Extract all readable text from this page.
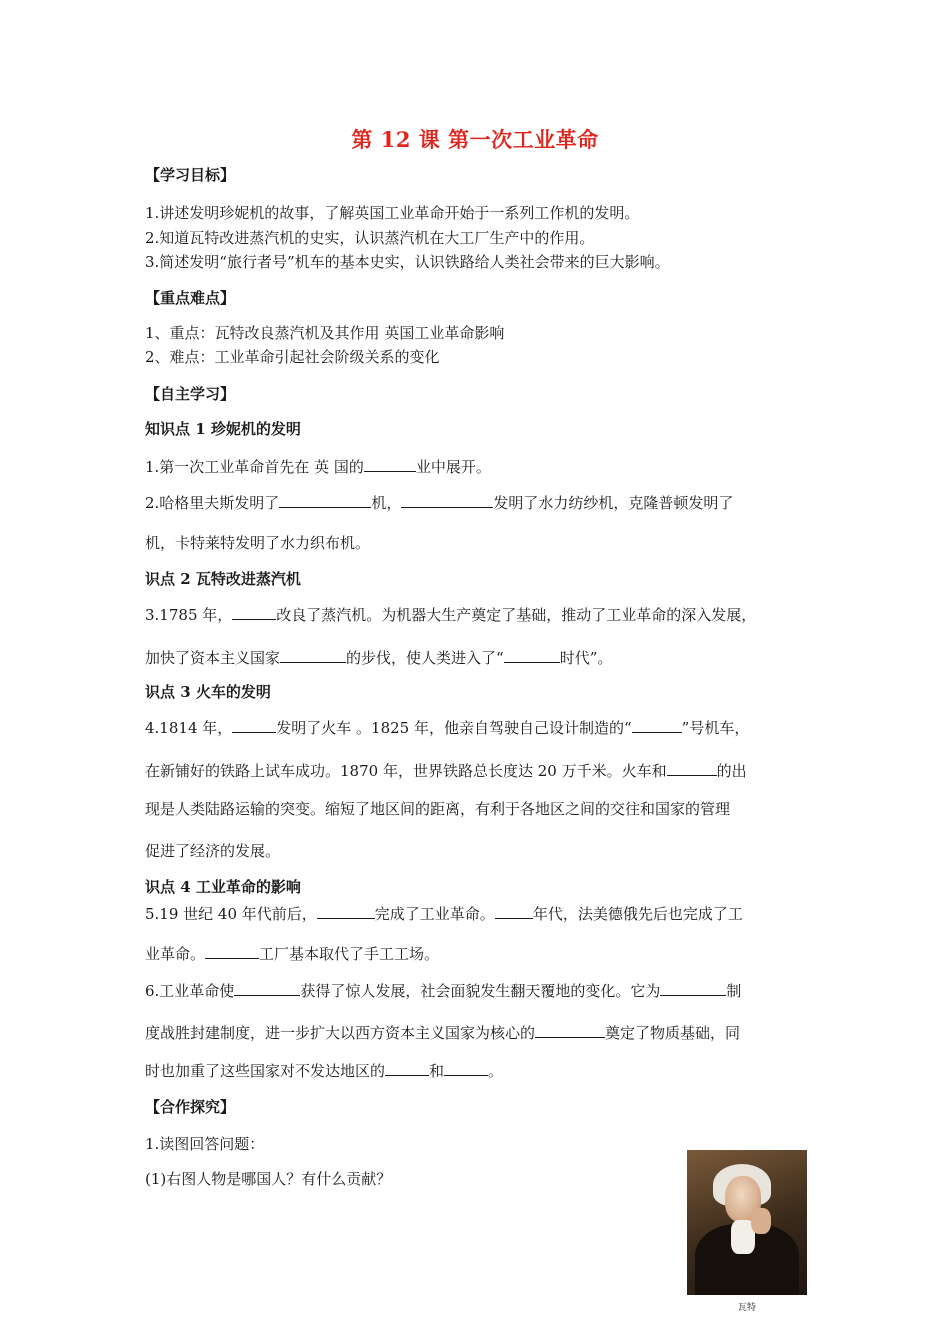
第 12 课 第一次工业革命
【学习目标】
1.讲述发明珍妮机的故事，了解英国工业革命开始于一系列工作机的发明。
2.知道瓦特改进蒸汽机的史实，认识蒸汽机在大工厂生产中的作用。
3.简述发明“旅行者号”机车的基本史实，认识铁路给人类社会带来的巨大影响。
【重点难点】
1、重点：瓦特改良蒸汽机及其作用 英国工业革命影响
2、难点：工业革命引起社会阶级关系的变化
【自主学习】
知识点 1 珍妮机的发明
1.第一次工业革命首先在 英 国的	业中展开。
2.哈格里夫斯发明了	机，	发明了水力纺纱机，克隆普顿发明了
机，卡特莱特发明了水力织布机。
识点 2 瓦特改进蒸汽机
3.1785 年，	改良了蒸汽机。为机器大生产奠定了基础，推动了工业革命的深入发展，
加快了资本主义国家	的步伐，使人类进入了“	时代”。
识点 3 火车的发明
4.1814 年，	发明了火车 。1825 年，他亲自驾驶自己设计制造的“	”号机车，
在新铺好的铁路上试车成功。1870 年，世界铁路总长度达 20 万千米。火车和	的出
现是人类陆路运输的突变。缩短了地区间的距离，有利于各地区之间的交往和国家的管理
促进了经济的发展。
识点 4 工业革命的影响
5.19 世纪 40 年代前后，	完成了工业革命。	年代，法美德俄先后也完成了工
业革命。	工厂基本取代了手工工场。
6.工业革命使	获得了惊人发展，社会面貌发生翻天覆地的变化。它为	制
度战胜封建制度，进一步扩大以西方资本主义国家为核心的	奠定了物质基础，同
时也加重了这些国家对不发达地区的	和	。
【合作探究】
1.读图回答问题：
(1)右图人物是哪国人？有什么贡献？
瓦特
